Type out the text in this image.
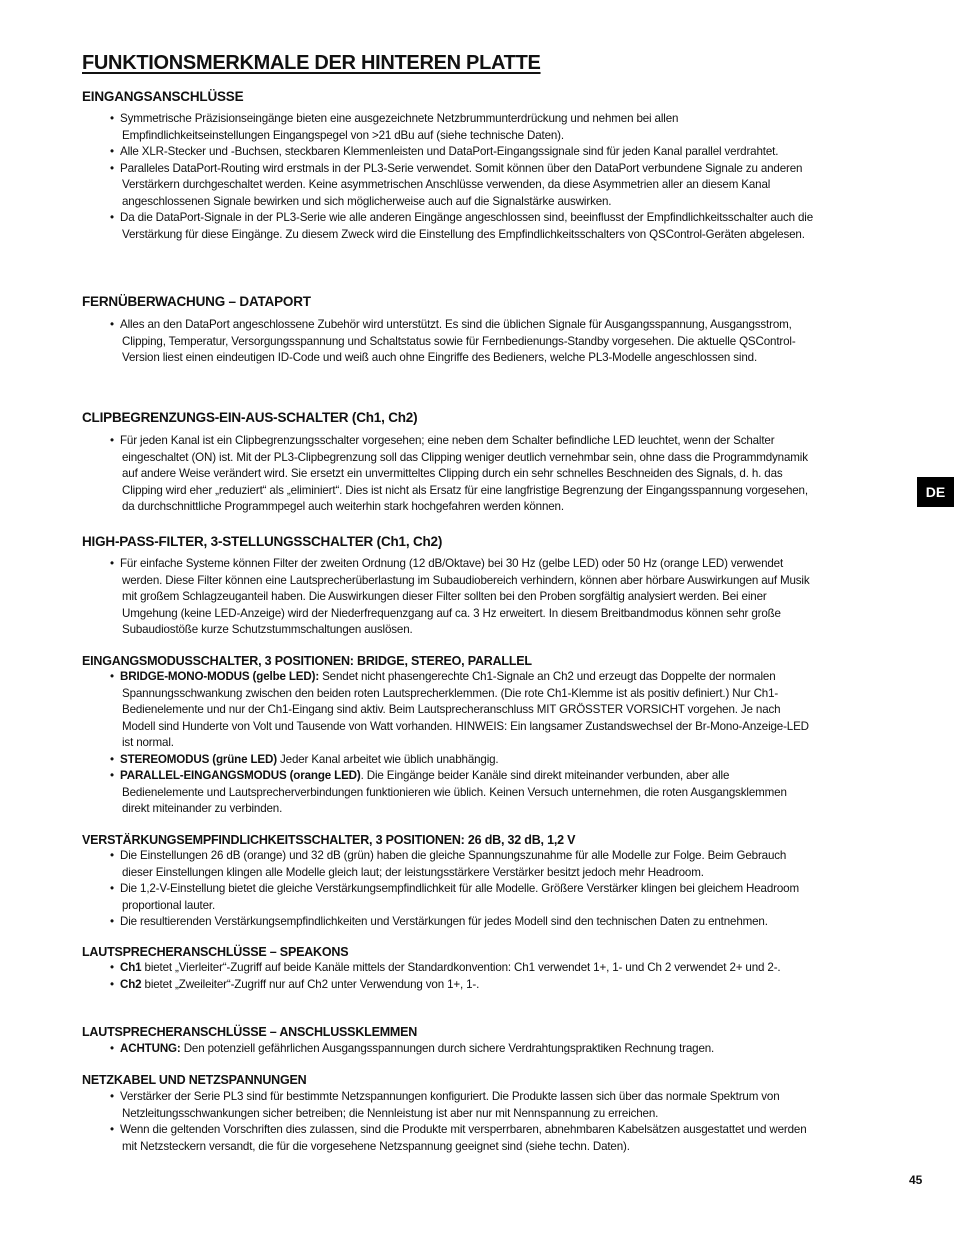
FUNKTIONSMERKMALE DER HINTEREN PLATTE
EINGANGSANSCHLÜSSE
• Symmetrische Präzisionseingänge bieten eine ausgezeichnete Netzbrummunterdrückung und nehmen bei allen Empfindlichkeitseinstellungen Eingangspegel von >21 dBu auf (siehe technische Daten).
• Alle XLR-Stecker und -Buchsen, steckbaren Klemmenleisten und DataPort-Eingangssignale sind für jeden Kanal parallel verdrahtet.
• Paralleles DataPort-Routing wird erstmals in der PL3-Serie verwendet. Somit können über den DataPort verbundene Signale zu anderen Verstärkern durchgeschaltet werden. Keine asymmetrischen Anschlüsse verwenden, da diese Asymmetrien aller an diesem Kanal angeschlossenen Signale bewirken und sich möglicherweise auch auf die Signalstärke auswirken.
• Da die DataPort-Signale in der PL3-Serie wie alle anderen Eingänge angeschlossen sind, beeinflusst der Empfindlichkeitsschalter auch die Verstärkung für diese Eingänge. Zu diesem Zweck wird die Einstellung des Empfindlichkeitsschalters von QSControl-Geräten abgelesen.
FERNÜBERWACHUNG – DATAPORT
• Alles an den DataPort angeschlossene Zubehör wird unterstützt. Es sind die üblichen Signale für Ausgangsspannung, Ausgangsstrom, Clipping, Temperatur, Versorgungsspannung und Schaltstatus sowie für Fernbedienungs-Standby vorgesehen. Die aktuelle QSControl-Version liest einen eindeutigen ID-Code und weiß auch ohne Eingriffe des Bedieners, welche PL3-Modelle angeschlossen sind.
CLIPBEGRENZUNGS-EIN-AUS-SCHALTER (Ch1, Ch2)
• Für jeden Kanal ist ein Clipbegrenzungsschalter vorgesehen; eine neben dem Schalter befindliche LED leuchtet, wenn der Schalter eingeschaltet (ON) ist. Mit der PL3-Clipbegrenzung soll das Clipping weniger deutlich vernehmbar sein, ohne dass die Programmdynamik auf andere Weise verändert wird. Sie ersetzt ein unvermitteltes Clipping durch ein sehr schnelles Beschneiden des Signals, d. h. das Clipping wird eher „reduziert“ als „eliminiert“. Dies ist nicht als Ersatz für eine langfristige Begrenzung der Eingangsspannung vorgesehen, da durchschnittliche Programmpegel auch weiterhin stark hochgefahren werden können.
HIGH-PASS-FILTER, 3-STELLUNGSSCHALTER (Ch1, Ch2)
• Für einfache Systeme können Filter der zweiten Ordnung (12 dB/Oktave) bei 30 Hz (gelbe LED) oder 50 Hz (orange LED) verwendet werden. Diese Filter können eine Lautsprecherüberlastung im Subaudiobereich verhindern, können aber hörbare Auswirkungen auf Musik mit großem Schlagzeuganteil haben. Die Auswirkungen dieser Filter sollten bei den Proben sorgfältig analysiert werden. Bei einer Umgehung (keine LED-Anzeige) wird der Niederfrequenzgang auf ca. 3 Hz erweitert. In diesem Breitbandmodus können sehr große Subaudiostöße kurze Schutzstummschaltungen auslösen.
EINGANGSMODUSSCHALTER, 3 POSITIONEN: BRIDGE, STEREO, PARALLEL
• BRIDGE-MONO-MODUS (gelbe LED): Sendet nicht phasengerechte Ch1-Signale an Ch2 und erzeugt das Doppelte der normalen Spannungsschwankung zwischen den beiden roten Lautsprecherklemmen. (Die rote Ch1-Klemme ist als positiv definiert.) Nur Ch1-Bedienelemente und nur der Ch1-Eingang sind aktiv. Beim Lautsprecheranschluss MIT GRÖSSTER VORSICHT vorgehen. Je nach Modell sind Hunderte von Volt und Tausende von Watt vorhanden. HINWEIS: Ein langsamer Zustandswechsel der Br-Mono-Anzeige-LED ist normal.
• STEREOMODUS (grüne LED) Jeder Kanal arbeitet wie üblich unabhängig.
• PARALLEL-EINGANGSMODUS (orange LED). Die Eingänge beider Kanäle sind direkt miteinander verbunden, aber alle Bedienelemente und Lautsprecherverbindungen funktionieren wie üblich. Keinen Versuch unternehmen, die roten Ausgangsklemmen direkt miteinander zu verbinden.
VERSTÄRKUNGSEMPFINDLICHKEITSSCHALTER, 3 POSITIONEN: 26 dB, 32 dB, 1,2 V
• Die Einstellungen 26 dB (orange) und 32 dB (grün) haben die gleiche Spannungszunahme für alle Modelle zur Folge. Beim Gebrauch dieser Einstellungen klingen alle Modelle gleich laut; der leistungsstärkere Verstärker besitzt jedoch mehr Headroom.
• Die 1,2-V-Einstellung bietet die gleiche Verstärkungsempfindlichkeit für alle Modelle. Größere Verstärker klingen bei gleichem Headroom proportional lauter.
• Die resultierenden Verstärkungsempfindlichkeiten und Verstärkungen für jedes Modell sind den technischen Daten zu entnehmen.
LAUTSPRECHERANSCHLÜSSE – SPEAKONS
• Ch1 bietet „Vierleiter“-Zugriff auf beide Kanäle mittels der Standardkonvention: Ch1 verwendet 1+, 1- und Ch 2 verwendet 2+ und 2-.
• Ch2 bietet „Zweileiter“-Zugriff nur auf Ch2 unter Verwendung von 1+, 1-.
LAUTSPRECHERANSCHLÜSSE – ANSCHLUSSKLEMMEN
• ACHTUNG: Den potenziell gefährlichen Ausgangsspannungen durch sichere Verdrahtungspraktiken Rechnung tragen.
NETZKABEL UND NETZSPANNUNGEN
• Verstärker der Serie PL3 sind für bestimmte Netzspannungen konfiguriert. Die Produkte lassen sich über das normale Spektrum von Netzleitungsschwankungen sicher betreiben; die Nennleistung ist aber nur mit Nennspannung zu erreichen.
• Wenn die geltenden Vorschriften dies zulassen, sind die Produkte mit versperrbaren, abnehmbaren Kabelsätzen ausgestattet und werden mit Netzsteckern versandt, die für die vorgesehene Netzspannung geeignet sind (siehe techn. Daten).
DE
45
